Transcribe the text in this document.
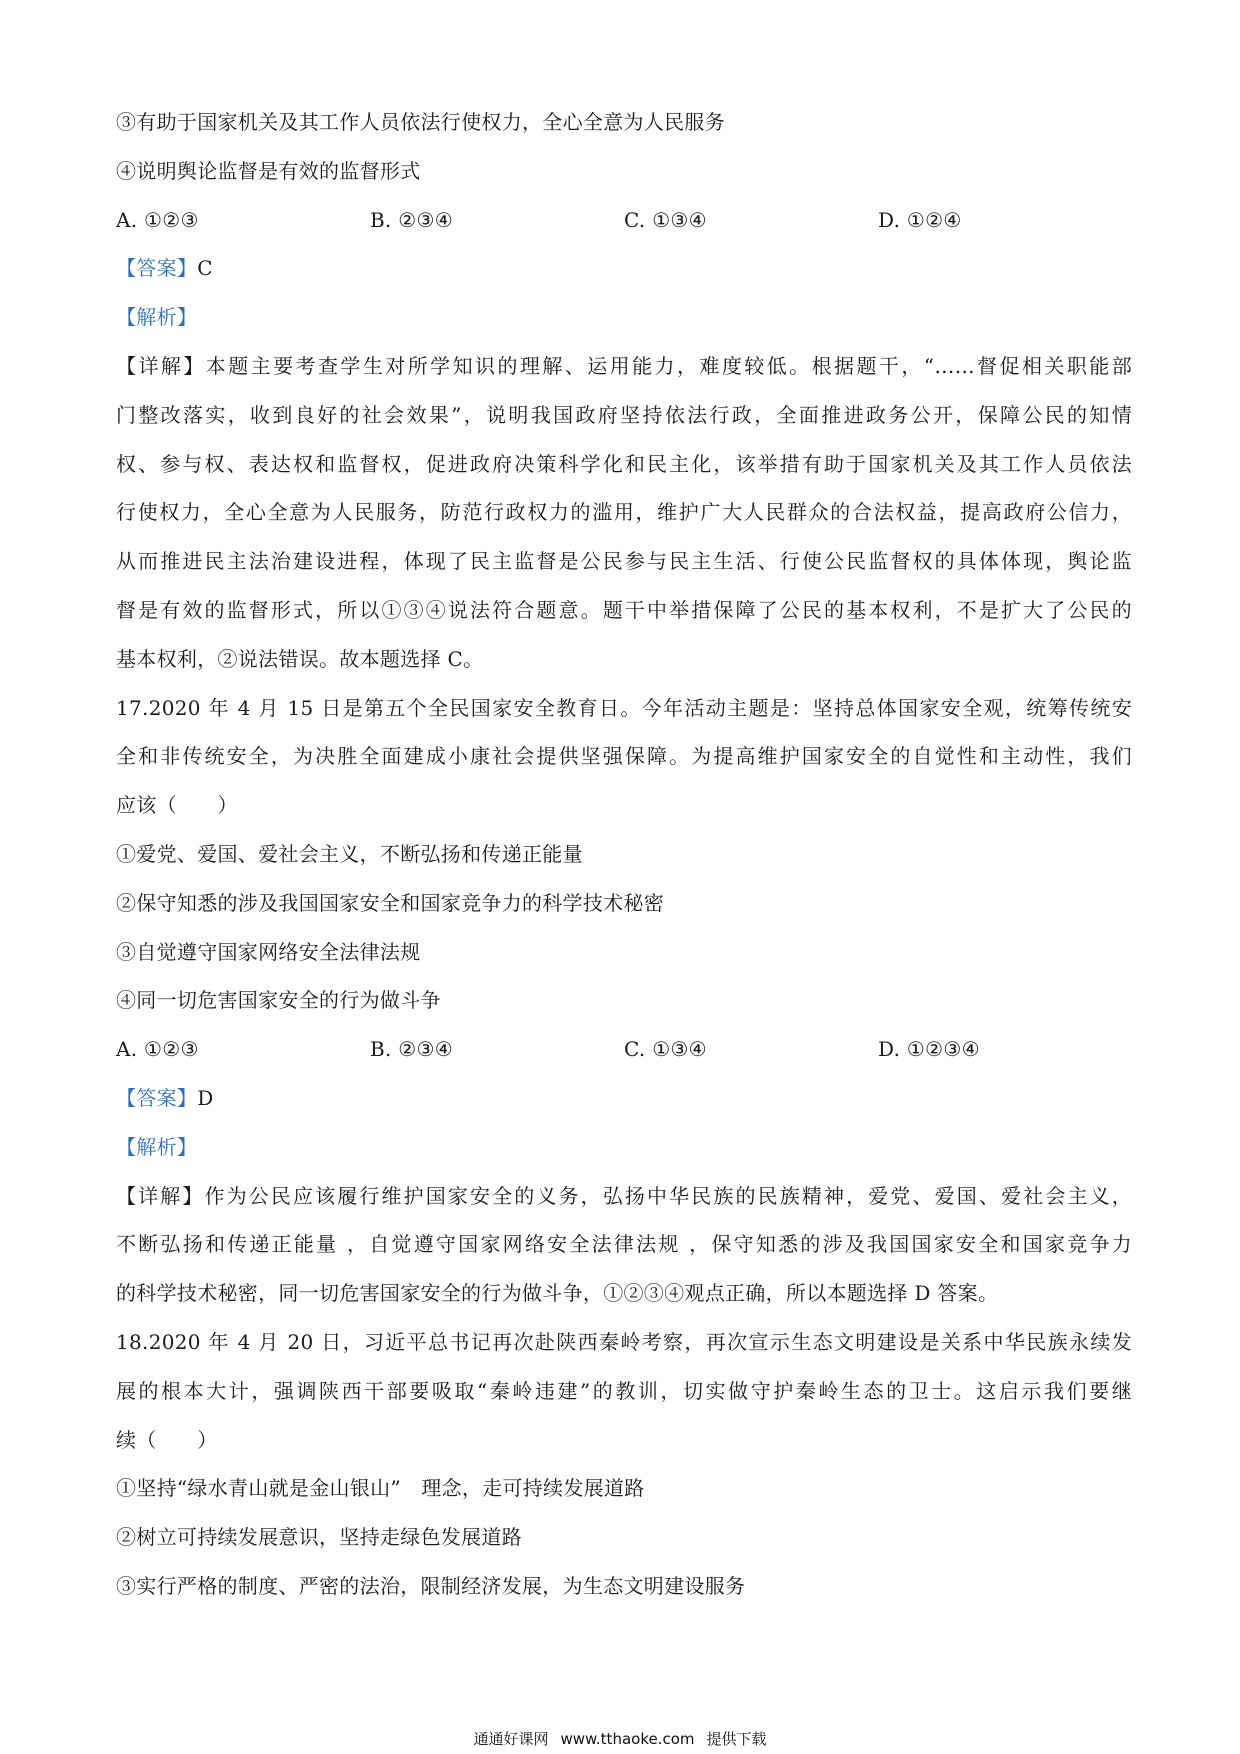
③有助于国家机关及其工作人员依法行使权力，全心全意为人民服务
④说明舆论监督是有效的监督形式
A. ①②③	B. ②③④	C. ①③④	D. ①②④
【答案】C
【解析】
【详解】本题主要考查学生对所学知识的理解、运用能力，难度较低。根据题干，“……督促相关职能部
门整改落实，收到良好的社会效果”，说明我国政府坚持依法行政，全面推进政务公开，保障公民的知情
权、参与权、表达权和监督权，促进政府决策科学化和民主化，该举措有助于国家机关及其工作人员依法
行使权力，全心全意为人民服务，防范行政权力的滥用，维护广大人民群众的合法权益，提高政府公信力，
从而推进民主法治建设进程，体现了民主监督是公民参与民主生活、行使公民监督权的具体体现，舆论监
督是有效的监督形式，所以①③④说法符合题意。题干中举措保障了公民的基本权利，不是扩大了公民的
基本权利，②说法错误。故本题选择 C。
17.2020 年 4 月 15 日是第五个全民国家安全教育日。今年活动主题是：坚持总体国家安全观，统筹传统安
全和非传统安全，为决胜全面建成小康社会提供坚强保障。为提高维护国家安全的自觉性和主动性，我们
应该（　　）
①爱党、爱国、爱社会主义，不断弘扬和传递正能量
②保守知悉的涉及我国国家安全和国家竞争力的科学技术秘密
③自觉遵守国家网络安全法律法规
④同一切危害国家安全的行为做斗争
A. ①②③	B. ②③④	C. ①③④	D. ①②③④
【答案】D
【解析】
【详解】作为公民应该履行维护国家安全的义务，弘扬中华民族的民族精神，爱党、爱国、爱社会主义，
不断弘扬和传递正能量 ，自觉遵守国家网络安全法律法规 ，保守知悉的涉及我国国家安全和国家竞争力
的科学技术秘密，同一切危害国家安全的行为做斗争，①②③④观点正确，所以本题选择 D 答案。
18.2020 年 4 月 20 日，习近平总书记再次赴陕西秦岭考察，再次宣示生态文明建设是关系中华民族永续发
展的根本大计，强调陕西干部要吸取“秦岭违建”的教训，切实做守护秦岭生态的卫士。这启示我们要继
续（　　）
①坚持“绿水青山就是金山银山”　理念，走可持续发展道路
②树立可持续发展意识，坚持走绿色发展道路
③实行严格的制度、严密的法治，限制经济发展，为生态文明建设服务
通通好课网 www.tthaoke.com 提供下载
